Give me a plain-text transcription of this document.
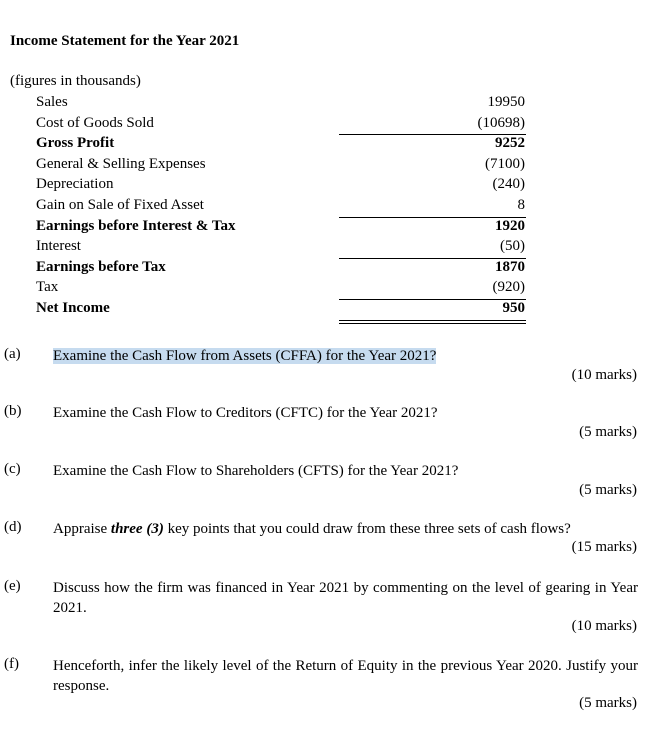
Income Statement for the Year 2021
(figures in thousands)
Sales	19950
Cost of Goods Sold	(10698)
Gross Profit	9252
General & Selling Expenses	(7100)
Depreciation	(240)
Gain on Sale of Fixed Asset	8
Earnings before Interest & Tax	1920
Interest	(50)
Earnings before Tax	1870
Tax	(920)
Net Income	950
(a) Examine the Cash Flow from Assets (CFFA) for the Year 2021?
(10 marks)
(b) Examine the Cash Flow to Creditors (CFTC) for the Year 2021?
(5 marks)
(c) Examine the Cash Flow to Shareholders (CFTS) for the Year 2021?
(5 marks)
(d) Appraise three (3) key points that you could draw from these three sets of cash flows?
(15 marks)
(e) Discuss how the firm was financed in Year 2021 by commenting on the level of gearing in Year 2021.
(10 marks)
(f) Henceforth, infer the likely level of the Return of Equity in the previous Year 2020. Justify your response.
(5 marks)
